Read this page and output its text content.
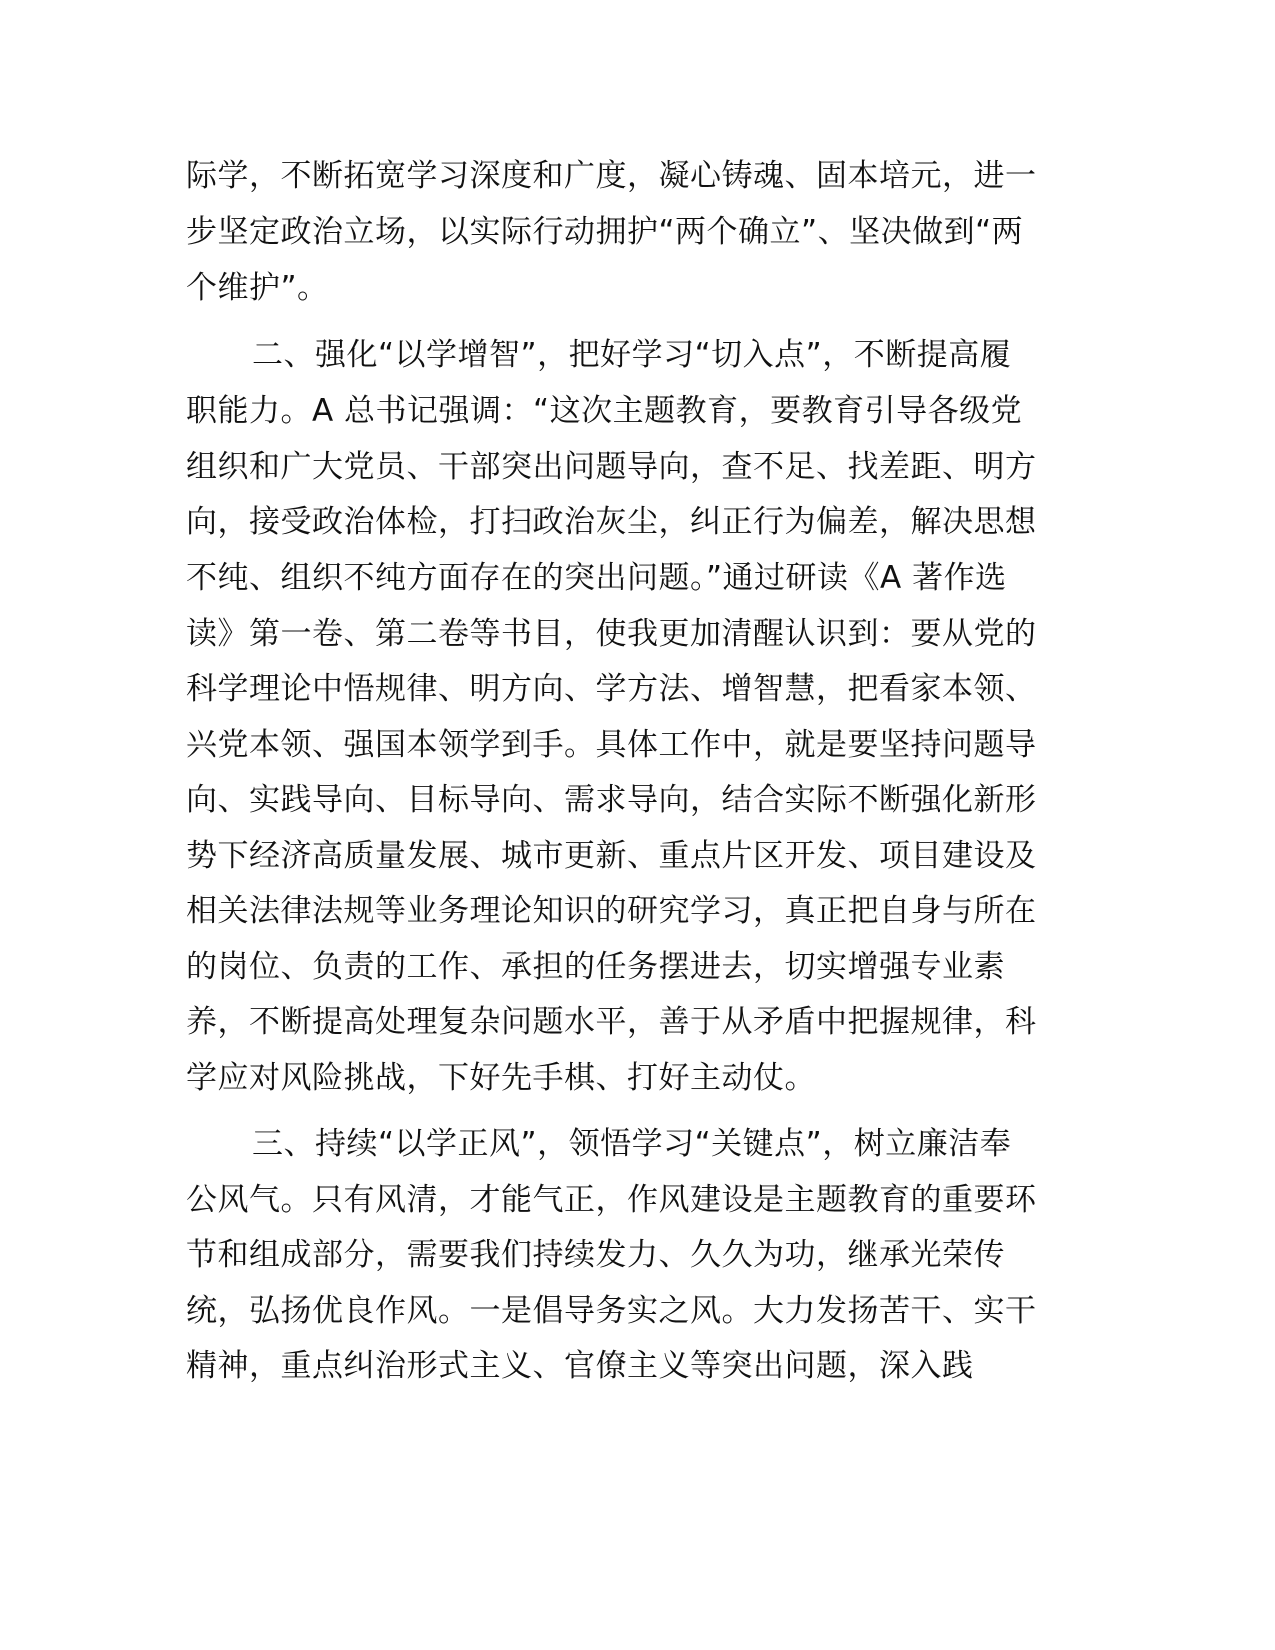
际学，不断拓宽学习深度和广度，凝心铸魂、固本培元，进一
步坚定政治立场，以实际行动拥护“两个确立”、坚决做到“两
个维护”。
二、强化“以学增智”，把好学习“切入点”，不断提高履
职能力。A 总书记强调：“这次主题教育，要教育引导各级党
组织和广大党员、干部突出问题导向，查不足、找差距、明方
向，接受政治体检，打扫政治灰尘，纠正行为偏差，解决思想
不纯、组织不纯方面存在的突出问题。”通过研读《A 著作选
读》第一卷、第二卷等书目，使我更加清醒认识到：要从党的
科学理论中悟规律、明方向、学方法、增智慧，把看家本领、
兴党本领、强国本领学到手。具体工作中，就是要坚持问题导
向、实践导向、目标导向、需求导向，结合实际不断强化新形
势下经济高质量发展、城市更新、重点片区开发、项目建设及
相关法律法规等业务理论知识的研究学习，真正把自身与所在
的岗位、负责的工作、承担的任务摆进去，切实增强专业素
养，不断提高处理复杂问题水平，善于从矛盾中把握规律，科
学应对风险挑战，下好先手棋、打好主动仗。
三、持续“以学正风”，领悟学习“关键点”，树立廉洁奉
公风气。只有风清，才能气正，作风建设是主题教育的重要环
节和组成部分，需要我们持续发力、久久为功，继承光荣传
统，弘扬优良作风。一是倡导务实之风。大力发扬苦干、实干
精神，重点纠治形式主义、官僚主义等突出问题，深入践
